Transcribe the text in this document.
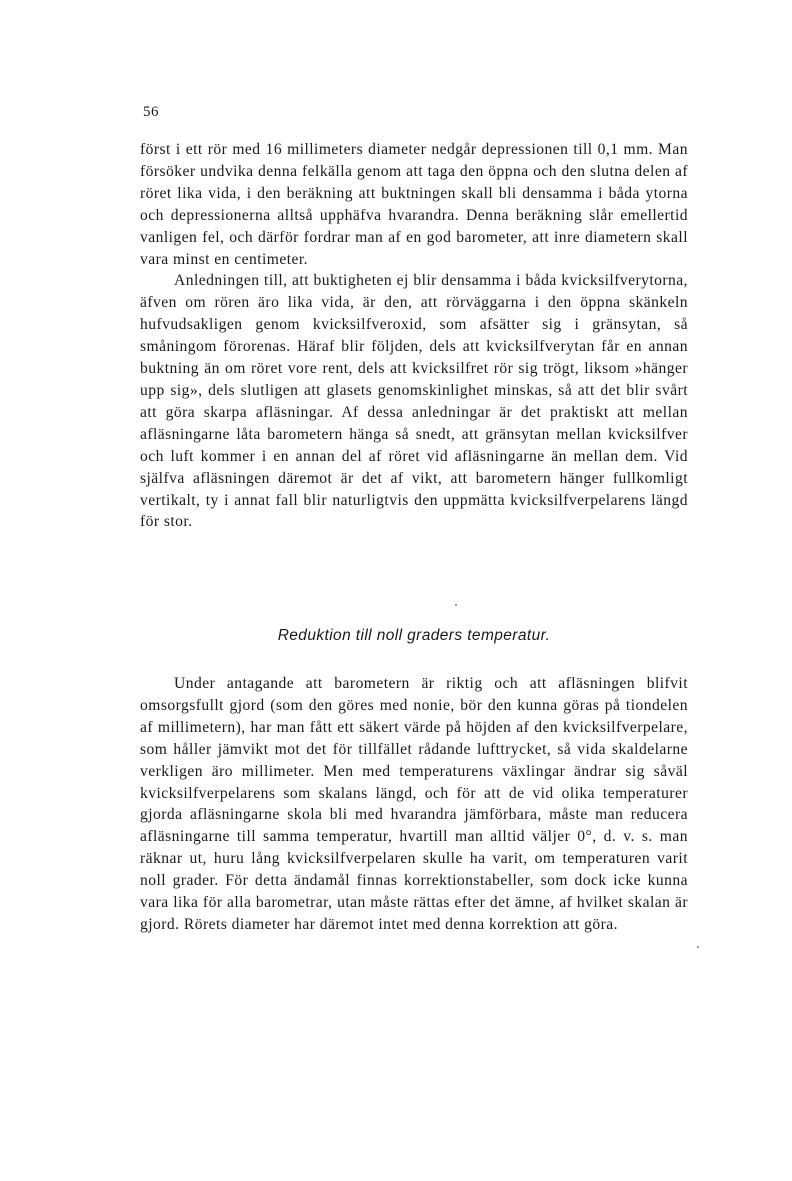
56

först i ett rör med 16 millimeters diameter nedgår depressionen till 0,1 mm. Man försöker undvika denna felkälla genom att taga den öppna och den slutna delen af röret lika vida, i den beräkning att buktningen skall bli densamma i båda ytorna och depressionerna alltså upphäfva hvarandra. Denna beräkning slår emellertid vanligen fel, och därför fordrar man af en god barometer, att inre diametern skall vara minst en centimeter.

Anledningen till, att buktigheten ej blir densamma i båda kvicksilfverytorna, äfven om rören äro lika vida, är den, att rörväggarna i den öppna skänkeln hufvudsakligen genom kvicksilfveroxid, som afsätter sig i gränsytan, så småningom förorenas. Häraf blir följden, dels att kvicksilfverytan får en annan buktning än om röret vore rent, dels att kvicksilfret rör sig trögt, liksom »hänger upp sig», dels slutligen att glasets genomskinlighet minskas, så att det blir svårt att göra skarpa afläsningar. Af dessa anledningar är det praktiskt att mellan afläsningarne låta barometern hänga så snedt, att gränsytan mellan kvicksilfver och luft kommer i en annan del af röret vid afläsningarne än mellan dem. Vid själfva afläsningen däremot är det af vikt, att barometern hänger fullkomligt vertikalt, ty i annat fall blir naturligtvis den uppmätta kvicksilfverpelarens längd för stor.

Reduktion till noll graders temperatur.

Under antagande att barometern är riktig och att afläsningen blifvit omsorgsfullt gjord (som den göres med nonie, bör den kunna göras på tiondelen af millimetern), har man fått ett säkert värde på höjden af den kvicksilfverpelare, som håller jämvikt mot det för tillfället rådande lufttrycket, så vida skaldelarne verkligen äro millimeter. Men med temperaturens växlingar ändrar sig såväl kvicksilfverpelarens som skalans längd, och för att de vid olika temperaturer gjorda afläsningarne skola bli med hvarandra jämförbara, måste man reducera afläsningarne till samma temperatur, hvartill man alltid väljer 0°, d. v. s. man räknar ut, huru lång kvicksilfverpelaren skulle ha varit, om temperaturen varit noll grader. För detta ändamål finnas korrektionstabeller, som dock icke kunna vara lika för alla barometrar, utan måste rättas efter det ämne, af hvilket skalan är gjord. Rörets diameter har däremot intet med denna korrektion att göra.
